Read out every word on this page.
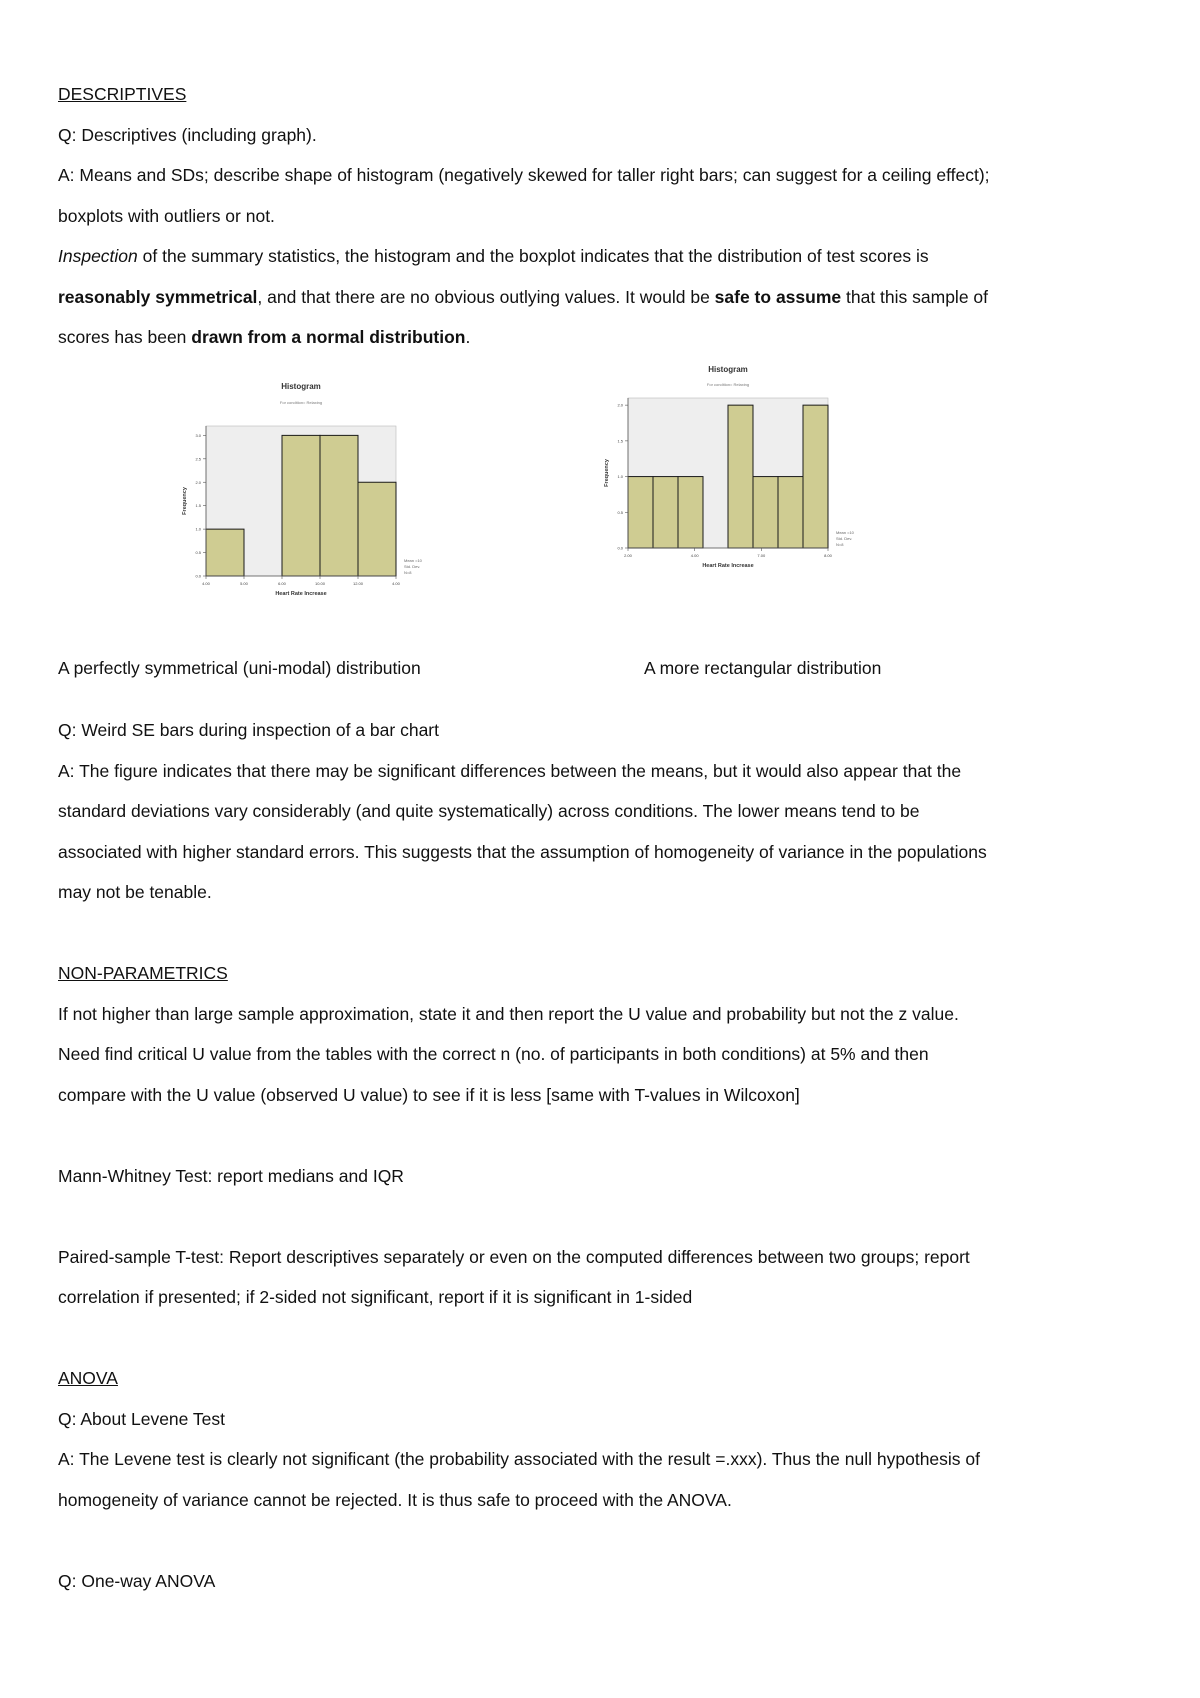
DESCRIPTIVES
Q: Descriptives (including graph).
A: Means and SDs; describe shape of histogram (negatively skewed for taller right bars; can suggest for a ceiling effect);
boxplots with outliers or not.
Inspection of the summary statistics, the histogram and the boxplot indicates that the distribution of test scores is
reasonably symmetrical, and that there are no obvious outlying values. It would be safe to assume that this sample of
scores has been drawn from a normal distribution.
Histogram
For condition= Relaxing
0.0
0.5
1.0
1.5
2.0
2.5
3.0
4.00	5.00	6.00	10.00	12.00	4.00
Heart Rate Increase
Frequency
Mean =10
Std. Dev.
N=8
Histogram
For condition= Relaxing
0.0
0.5
1.0
1.5
2.0
2.00	4.00	7.00	8.00
Heart Rate Increase
Frequency
Mean =10
Std. Dev.
N=8
A perfectly symmetrical (uni-modal) distribution	A more rectangular distribution
Q: Weird SE bars during inspection of a bar chart
A: The figure indicates that there may be significant differences between the means, but it would also appear that the
standard deviations vary considerably (and quite systematically) across conditions. The lower means tend to be
associated with higher standard errors. This suggests that the assumption of homogeneity of variance in the populations
may not be tenable.
NON-PARAMETRICS
If not higher than large sample approximation, state it and then report the U value and probability but not the z value.
Need find critical U value from the tables with the correct n (no. of participants in both conditions) at 5% and then
compare with the U value (observed U value) to see if it is less [same with T-values in Wilcoxon]
Mann-Whitney Test: report medians and IQR
Paired-sample T-test: Report descriptives separately or even on the computed differences between two groups; report
correlation if presented; if 2-sided not significant, report if it is significant in 1-sided
ANOVA
Q: About Levene Test
A: The Levene test is clearly not significant (the probability associated with the result =.xxx). Thus the null hypothesis of
homogeneity of variance cannot be rejected. It is thus safe to proceed with the ANOVA.
Q: One-way ANOVA
